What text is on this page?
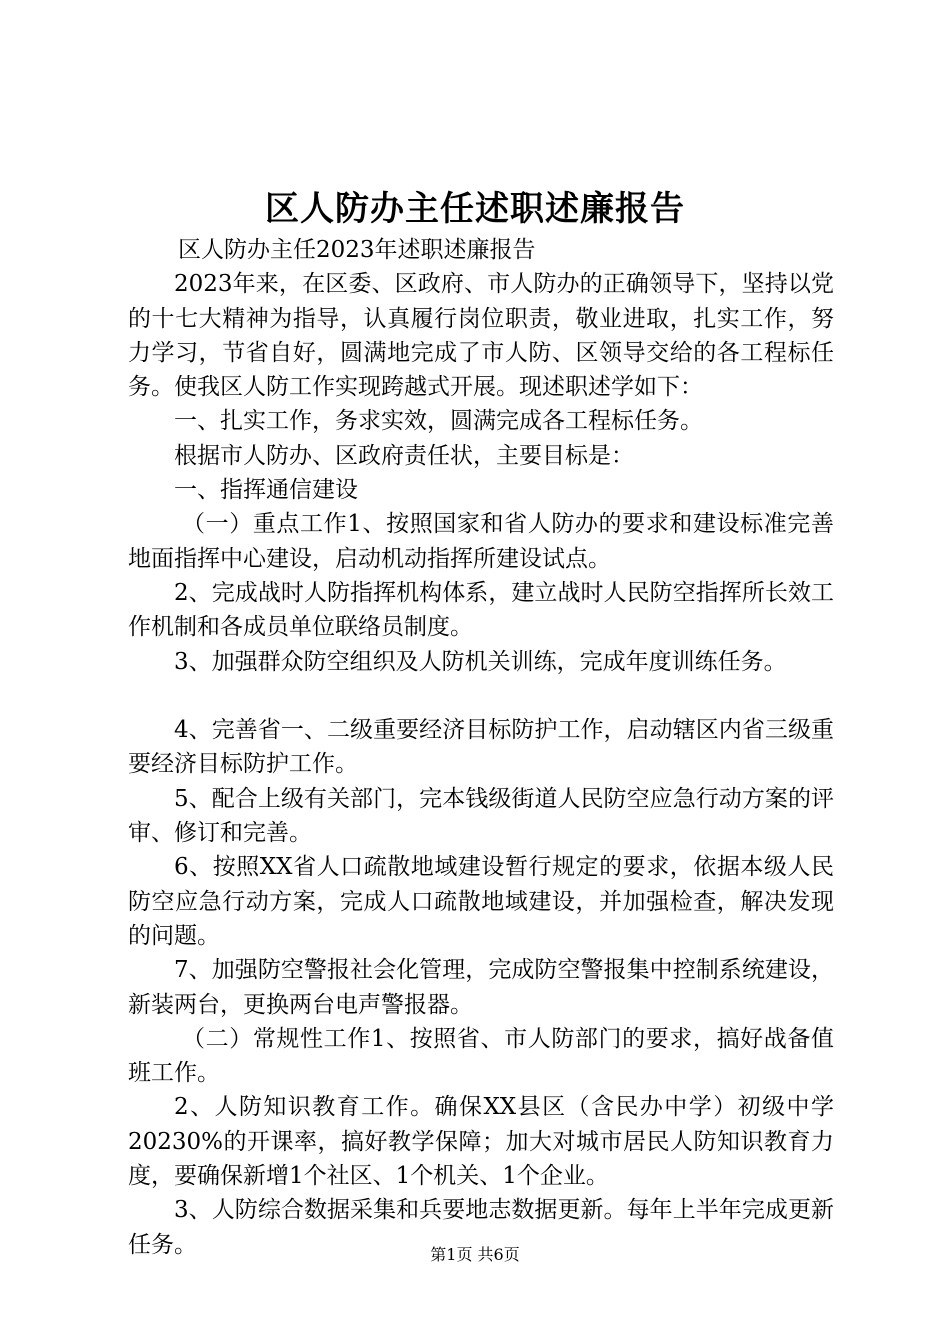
区人防办主任述职述廉报告

区人防办主任2023年述职述廉报告

2023年来，在区委、区政府、市人防办的正确领导下，坚持以党的十七大精神为指导，认真履行岗位职责，敬业进取，扎实工作，努力学习，节省自好，圆满地完成了市人防、区领导交给的各工程标任务。使我区人防工作实现跨越式开展。现述职述学如下：

一、扎实工作，务求实效，圆满完成各工程标任务。

根据市人防办、区政府责任状，主要目标是：

一、指挥通信建设

（一）重点工作1、按照国家和省人防办的要求和建设标准完善地面指挥中心建设，启动机动指挥所建设试点。

2、完成战时人防指挥机构体系，建立战时人民防空指挥所长效工作机制和各成员单位联络员制度。

3、加强群众防空组织及人防机关训练，完成年度训练任务。

4、完善省一、二级重要经济目标防护工作，启动辖区内省三级重要经济目标防护工作。

5、配合上级有关部门，完本钱级街道人民防空应急行动方案的评审、修订和完善。

6、按照XX省人口疏散地域建设暂行规定的要求，依据本级人民防空应急行动方案，完成人口疏散地域建设，并加强检查，解决发现的问题。

7、加强防空警报社会化管理，完成防空警报集中控制系统建设，新装两台，更换两台电声警报器。

（二）常规性工作1、按照省、市人防部门的要求，搞好战备值班工作。

2、人防知识教育工作。确保XX县区（含民办中学）初级中学20230%的开课率，搞好教学保障；加大对城市居民人防知识教育力度，要确保新增1个社区、1个机关、1个企业。

3、人防综合数据采集和兵要地志数据更新。每年上半年完成更新任务。	第1页 共6页
